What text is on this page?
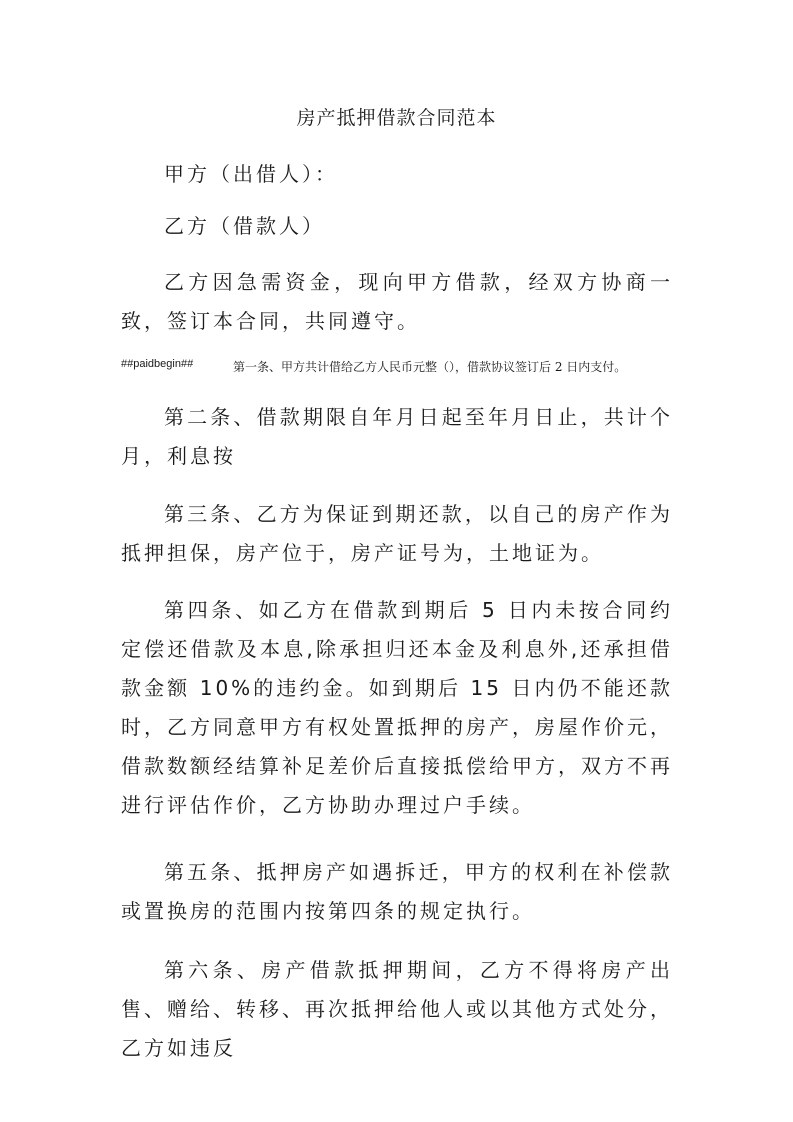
房产抵押借款合同范本

甲方（出借人）：

乙方（借款人）

乙方因急需资金，现向甲方借款，经双方协商一致，签订本合同，共同遵守。

##paidbegin##	第一条、甲方共计借给乙方人民币元整（），借款协议签订后 2 日内支付。

第二条、借款期限自年月日起至年月日止，共计个月，利息按

第三条、乙方为保证到期还款，以自己的房产作为抵押担保，房产位于，房产证号为，土地证为。

第四条、如乙方在借款到期后 5 日内未按合同约定偿还借款及本息,除承担归还本金及利息外,还承担借款金额 10%的违约金。如到期后 15 日内仍不能还款时，乙方同意甲方有权处置抵押的房产，房屋作价元，借款数额经结算补足差价后直接抵偿给甲方，双方不再进行评估作价，乙方协助办理过户手续。

第五条、抵押房产如遇拆迁，甲方的权利在补偿款或置换房的范围内按第四条的规定执行。

第六条、房产借款抵押期间，乙方不得将房产出售、赠给、转移、再次抵押给他人或以其他方式处分，乙方如违反
